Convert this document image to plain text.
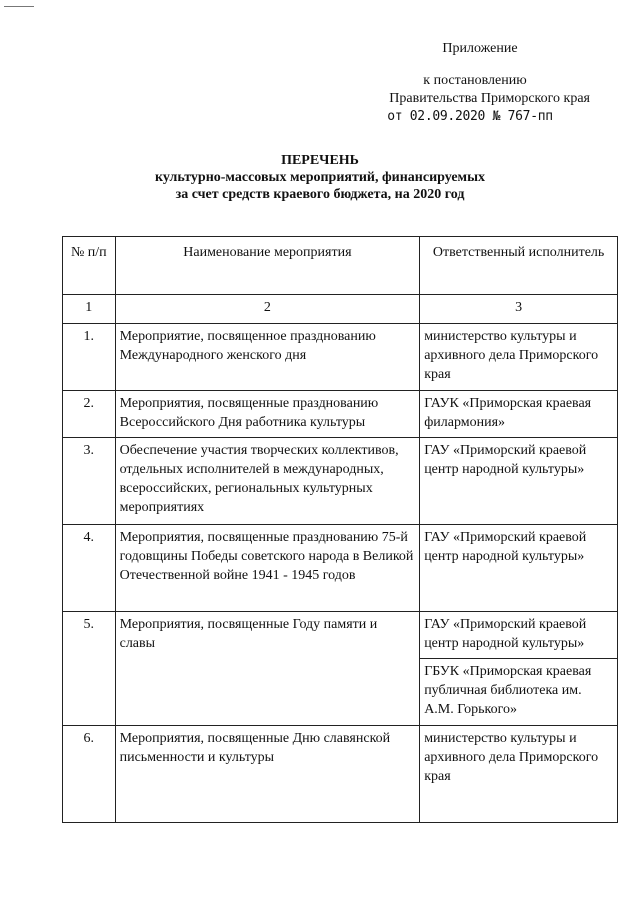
Приложение
к постановлению
Правительства Приморского края
от 02.09.2020 № 767-пп
ПЕРЕЧЕНЬ
культурно-массовых мероприятий, финансируемых
за счет средств краевого бюджета, на 2020 год
№ п/п	Наименование мероприятия	Ответственный исполнитель
1	2	3
1.	Мероприятие, посвященное празднованию Международного женского дня	министерство культуры и архивного дела Приморского края
2.	Мероприятия, посвященные празднованию Всероссийского Дня работника культуры	ГАУК «Приморская краевая филармония»
3.	Обеспечение участия творческих коллективов, отдельных исполнителей в международных, всероссийских, региональных культурных мероприятиях	ГАУ «Приморский краевой центр народной культуры»
4.	Мероприятия, посвященные празднованию 75-й годовщины Победы советского народа в Великой Отечественной войне 1941 - 1945 годов	ГАУ «Приморский краевой центр народной культуры»
5.	Мероприятия, посвященные Году памяти и славы	ГАУ «Приморский краевой центр народной культуры»
		ГБУК «Приморская краевая публичная библиотека им. А.М. Горького»
6.	Мероприятия, посвященные Дню славянской письменности и культуры	министерство культуры и архивного дела Приморского края
